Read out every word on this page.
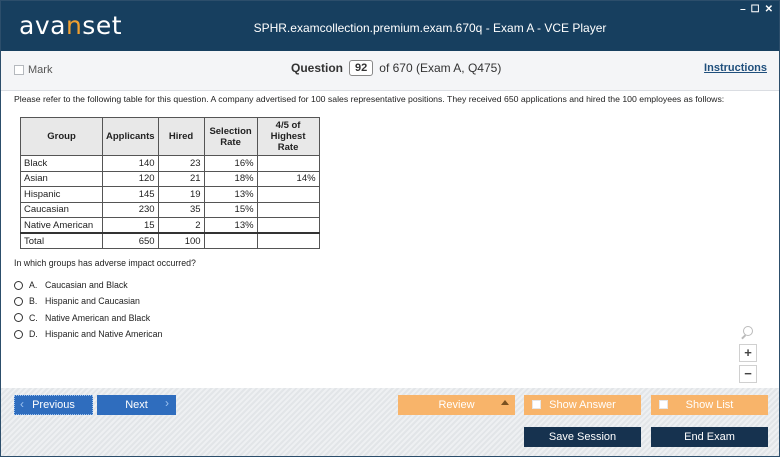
avanset	SPHR.examcollection.premium.exam.670q - Exam A - VCE Player
– ☐ ✕
Mark	Question	92	of 670 (Exam A, Q475)	Instructions
Please refer to the following table for this question. A company advertised for 100 sales representative positions. They received 650 applications and hired the 100 employees as follows:
Group	Applicants	Hired	Selection Rate	4/5 of Highest Rate
Black	140	23	16%	
Asian	120	21	18%	14%
Hispanic	145	19	13%	
Caucasian	230	35	15%	
Native American	15	2	13%	
Total	650	100		
In which groups has adverse impact occurred?
A. Caucasian and Black
B. Hispanic and Caucasian
C. Native American and Black
D. Hispanic and Native American
+
−
‹ Previous	Next ›	Review	Show Answer	Show List
Save Session	End Exam
